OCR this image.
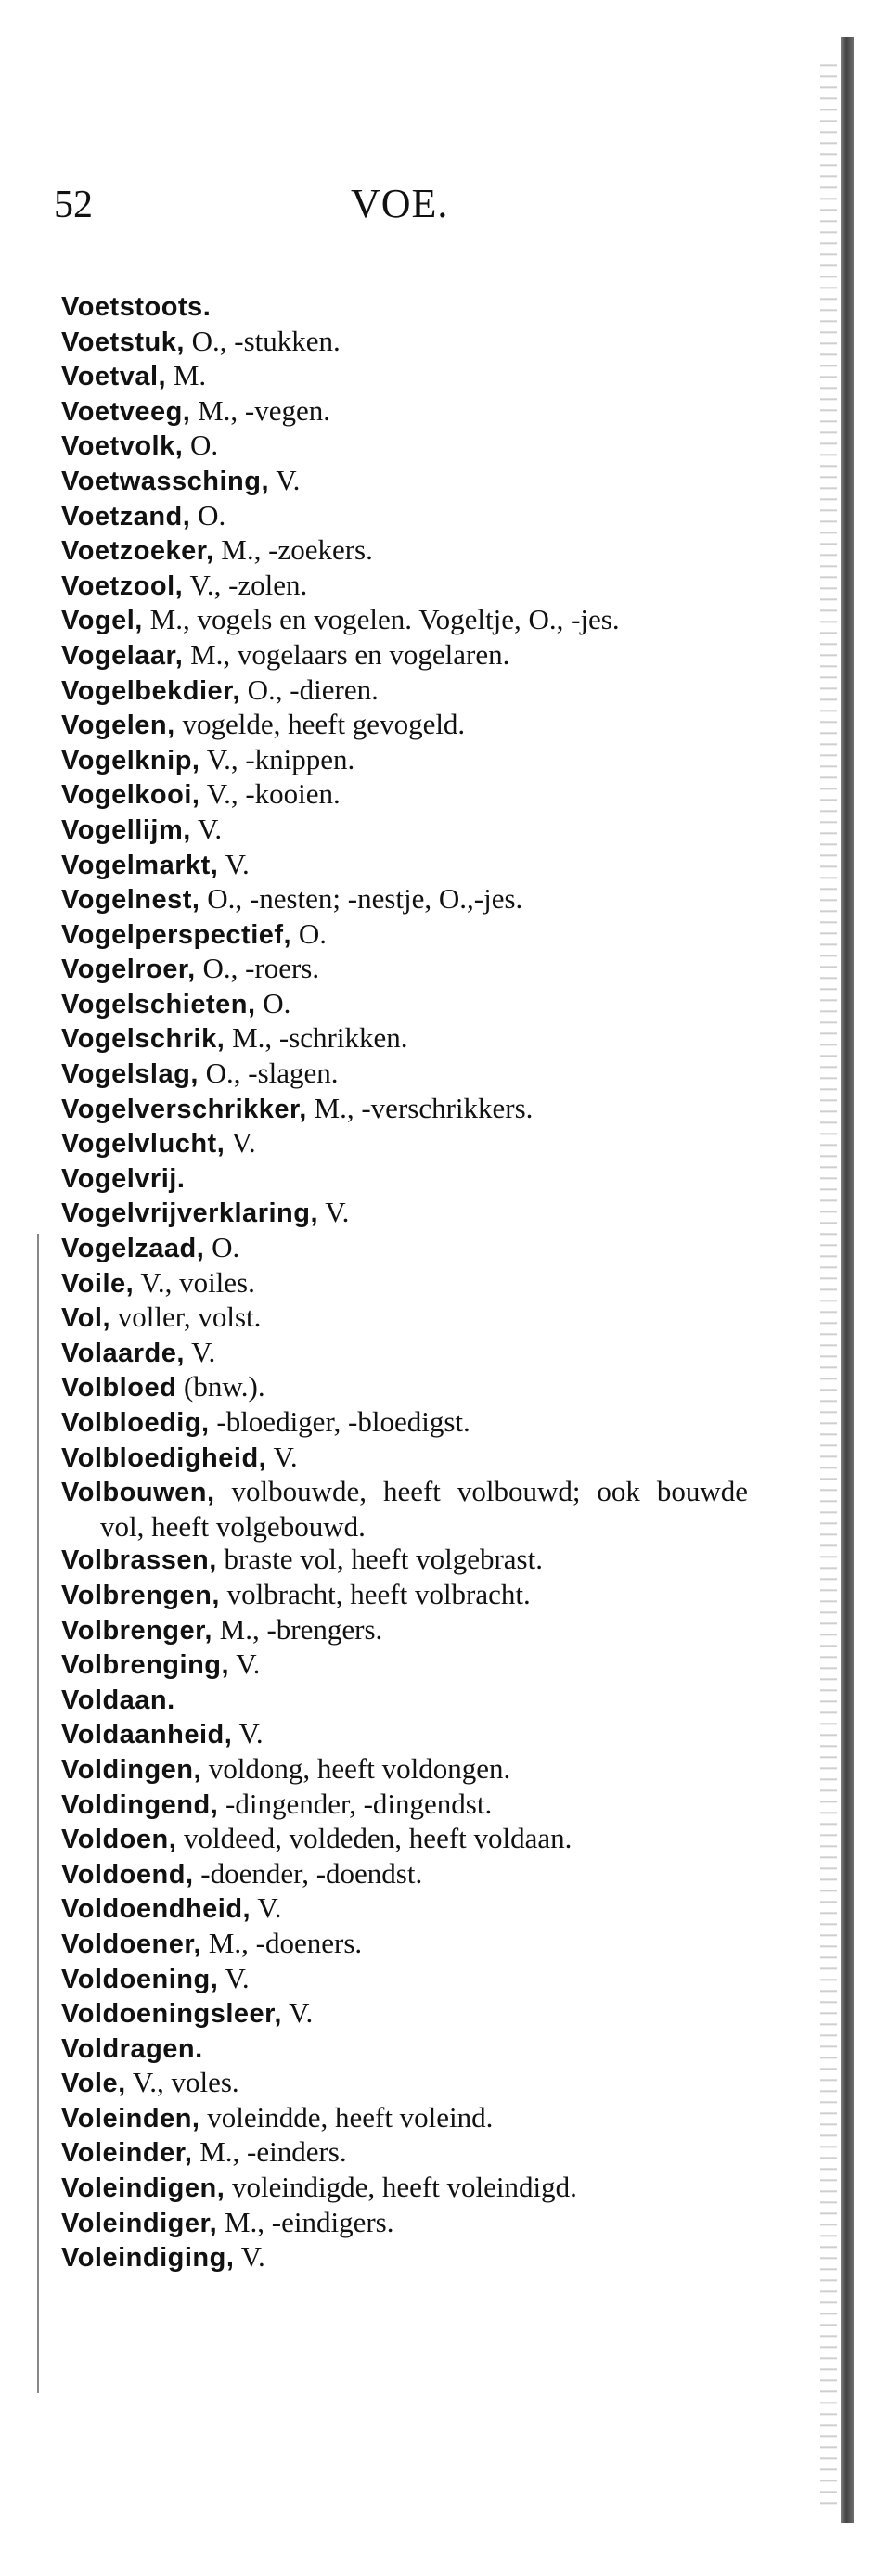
52	VOE.
Voetstoots.
Voetstuk, O., -stukken.
Voetval, M.
Voetveeg, M., -vegen.
Voetvolk, O.
Voetwassching, V.
Voetzand, O.
Voetzoeker, M., -zoekers.
Voetzool, V., -zolen.
Vogel, M., vogels en vogelen. Vogeltje, O., -jes.
Vogelaar, M., vogelaars en vogelaren.
Vogelbekdier, O., -dieren.
Vogelen, vogelde, heeft gevogeld.
Vogelknip, V., -knippen.
Vogelkooi, V., -kooien.
Vogellijm, V.
Vogelmarkt, V.
Vogelnest, O., -nesten; -nestje, O.,-jes.
Vogelperspectief, O.
Vogelroer, O., -roers.
Vogelschieten, O.
Vogelschrik, M., -schrikken.
Vogelslag, O., -slagen.
Vogelverschrikker, M., -verschrikkers.
Vogelvlucht, V.
Vogelvrij.
Vogelvrijverklaring, V.
Vogelzaad, O.
Voile, V., voiles.
Vol, voller, volst.
Volaarde, V.
Volbloed (bnw.).
Volbloedig, -bloediger, -bloedigst.
Volbloedigheid, V.
Volbouwen, volbouwde, heeft volbouwd; ook bouwde vol, heeft volgebouwd.
Volbrassen, braste vol, heeft volgebrast.
Volbrengen, volbracht, heeft volbracht.
Volbrenger, M., -brengers.
Volbrenging, V.
Voldaan.
Voldaanheid, V.
Voldingen, voldong, heeft voldongen.
Voldingend, -dingender, -dingendst.
Voldoen, voldeed, voldeden, heeft voldaan.
Voldoend, -doender, -doendst.
Voldoendheid, V.
Voldoener, M., -doeners.
Voldoening, V.
Voldoeningsleer, V.
Voldragen.
Vole, V., voles.
Voleinden, voleindde, heeft voleind.
Voleinder, M., -einders.
Voleindigen, voleindigde, heeft voleindigd.
Voleindiger, M., -eindigers.
Voleindiging, V.
